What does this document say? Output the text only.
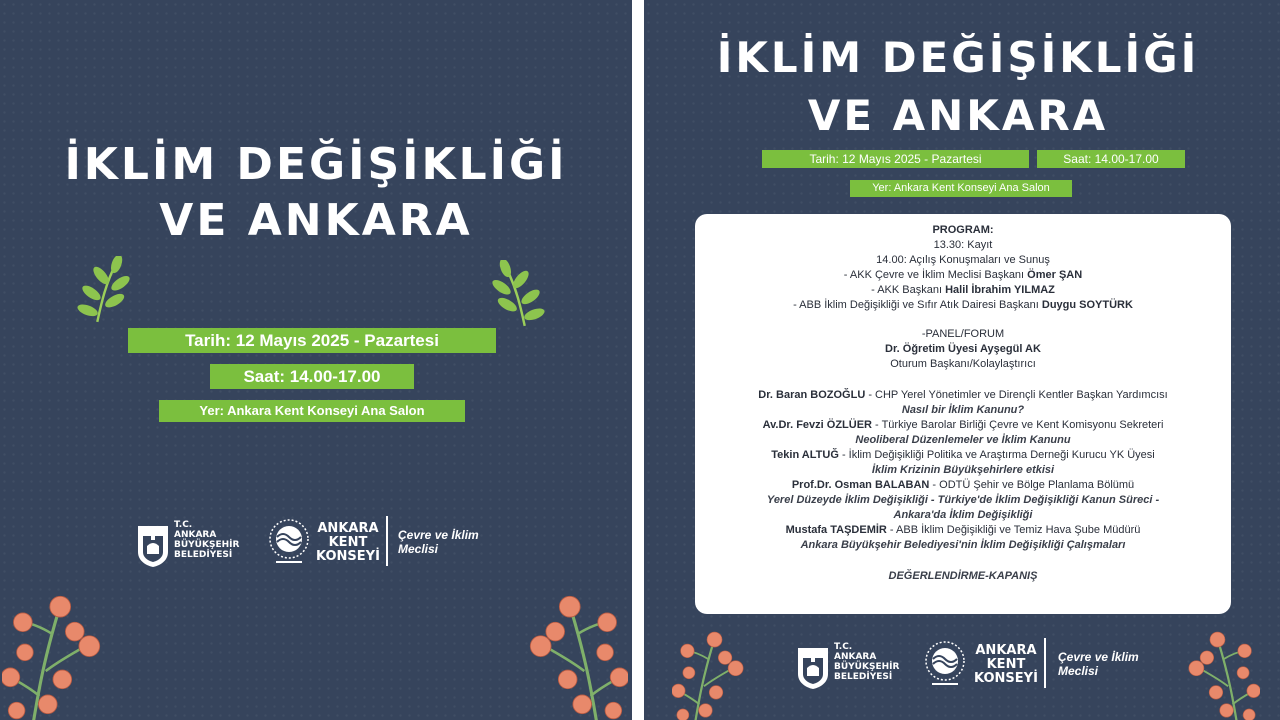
İKLİM DEĞİŞİKLİĞİ
VE ANKARA
Tarih: 12 Mayıs 2025 - Pazartesi
Saat: 14.00-17.00
Yer: Ankara Kent Konseyi Ana Salon
T.C.
ANKARA
BÜYÜKŞEHİR
BELEDİYESİ
ANKARA
KENT
KONSEYİ
Çevre ve İklim
Meclisi
İKLİM DEĞİŞİKLİĞİ
VE ANKARA
Tarih: 12 Mayıs 2025 - Pazartesi	Saat: 14.00-17.00
Yer: Ankara Kent Konseyi Ana Salon
PROGRAM:
13.30: Kayıt
14.00: Açılış Konuşmaları ve Sunuş
- AKK Çevre ve İklim Meclisi Başkanı Ömer ŞAN
- AKK Başkanı Halil İbrahim YILMAZ
- ABB İklim Değişikliği ve Sıfır Atık Dairesi Başkanı Duygu SOYTÜRK
-PANEL/FORUM
Dr. Öğretim Üyesi Ayşegül AK
Oturum Başkanı/Kolaylaştırıcı
Dr. Baran BOZOĞLU - CHP Yerel Yönetimler ve Dirençli Kentler Başkan Yardımcısı
Nasıl bir İklim Kanunu?
Av.Dr. Fevzi ÖZLÜER - Türkiye Barolar Birliği Çevre ve Kent Komisyonu Sekreteri
Neoliberal Düzenlemeler ve İklim Kanunu
Tekin ALTUĞ - İklim Değişikliği Politika ve Araştırma Derneği Kurucu YK Üyesi
İklim Krizinin Büyükşehirlere etkisi
Prof.Dr. Osman BALABAN - ODTÜ Şehir ve Bölge Planlama Bölümü
Yerel Düzeyde İklim Değişikliği - Türkiye'de İklim Değişikliği Kanun Süreci -
Ankara'da İklim Değişikliği
Mustafa TAŞDEMİR - ABB İklim Değişikliği ve Temiz Hava Şube Müdürü
Ankara Büyükşehir Belediyesi'nin İklim Değişikliği Çalışmaları
DEĞERLENDİRME-KAPANIŞ
T.C.
ANKARA
BÜYÜKŞEHİR
BELEDİYESİ
ANKARA
KENT
KONSEYİ
Çevre ve İklim
Meclisi
